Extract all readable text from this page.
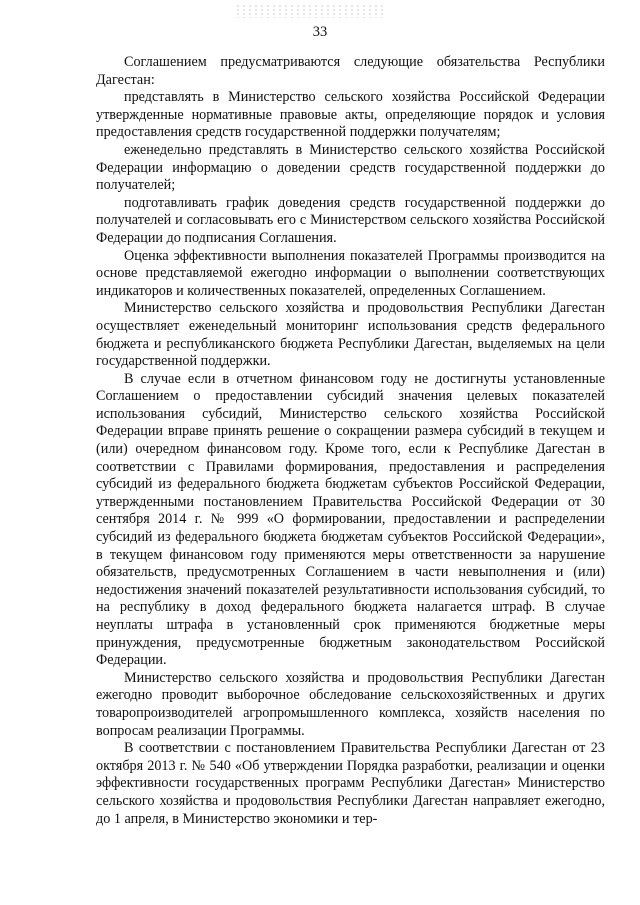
33

Соглашением предусматриваются следующие обязательства Республики Дагестан:

представлять в Министерство сельского хозяйства Российской Федерации утвержденные нормативные правовые акты, определяющие порядок и условия предоставления средств государственной поддержки получателям;

еженедельно представлять в Министерство сельского хозяйства Российской Федерации информацию о доведении средств государственной поддержки до получателей;

подготавливать график доведения средств государственной поддержки до получателей и согласовывать его с Министерством сельского хозяйства Российской Федерации до подписания Соглашения.

Оценка эффективности выполнения показателей Программы производится на основе представляемой ежегодно информации о выполнении соответствующих индикаторов и количественных показателей, определенных Соглашением.

Министерство сельского хозяйства и продовольствия Республики Дагестан осуществляет еженедельный мониторинг использования средств федерального бюджета и республиканского бюджета Республики Дагестан, выделяемых на цели государственной поддержки.

В случае если в отчетном финансовом году не достигнуты установленные Соглашением о предоставлении субсидий значения целевых показателей использования субсидий, Министерство сельского хозяйства Российской Федерации вправе принять решение о сокращении размера субсидий в текущем и (или) очередном финансовом году. Кроме того, если к Республике Дагестан в соответствии с Правилами формирования, предоставления и распределения субсидий из федерального бюджета бюджетам субъектов Российской Федерации, утвержденными постановлением Правительства Российской Федерации от 30 сентября 2014 г. № 999 «О формировании, предоставлении и распределении субсидий из федерального бюджета бюджетам субъектов Российской Федерации», в текущем финансовом году применяются меры ответственности за нарушение обязательств, предусмотренных Соглашением в части невыполнения и (или) недостижения значений показателей результативности использования субсидий, то на республику в доход федерального бюджета налагается штраф. В случае неуплаты штрафа в установленный срок применяются бюджетные меры принуждения, предусмотренные бюджетным законодательством Российской Федерации.

Министерство сельского хозяйства и продовольствия Республики Дагестан ежегодно проводит выборочное обследование сельскохозяйственных и других товаропроизводителей агропромышленного комплекса, хозяйств населения по вопросам реализации Программы.

В соответствии с постановлением Правительства Республики Дагестан от 23 октября 2013 г. № 540 «Об утверждении Порядка разработки, реализации и оценки эффективности государственных программ Республики Дагестан» Министерство сельского хозяйства и продовольствия Республики Дагестан направляет ежегодно, до 1 апреля, в Министерство экономики и тер-
